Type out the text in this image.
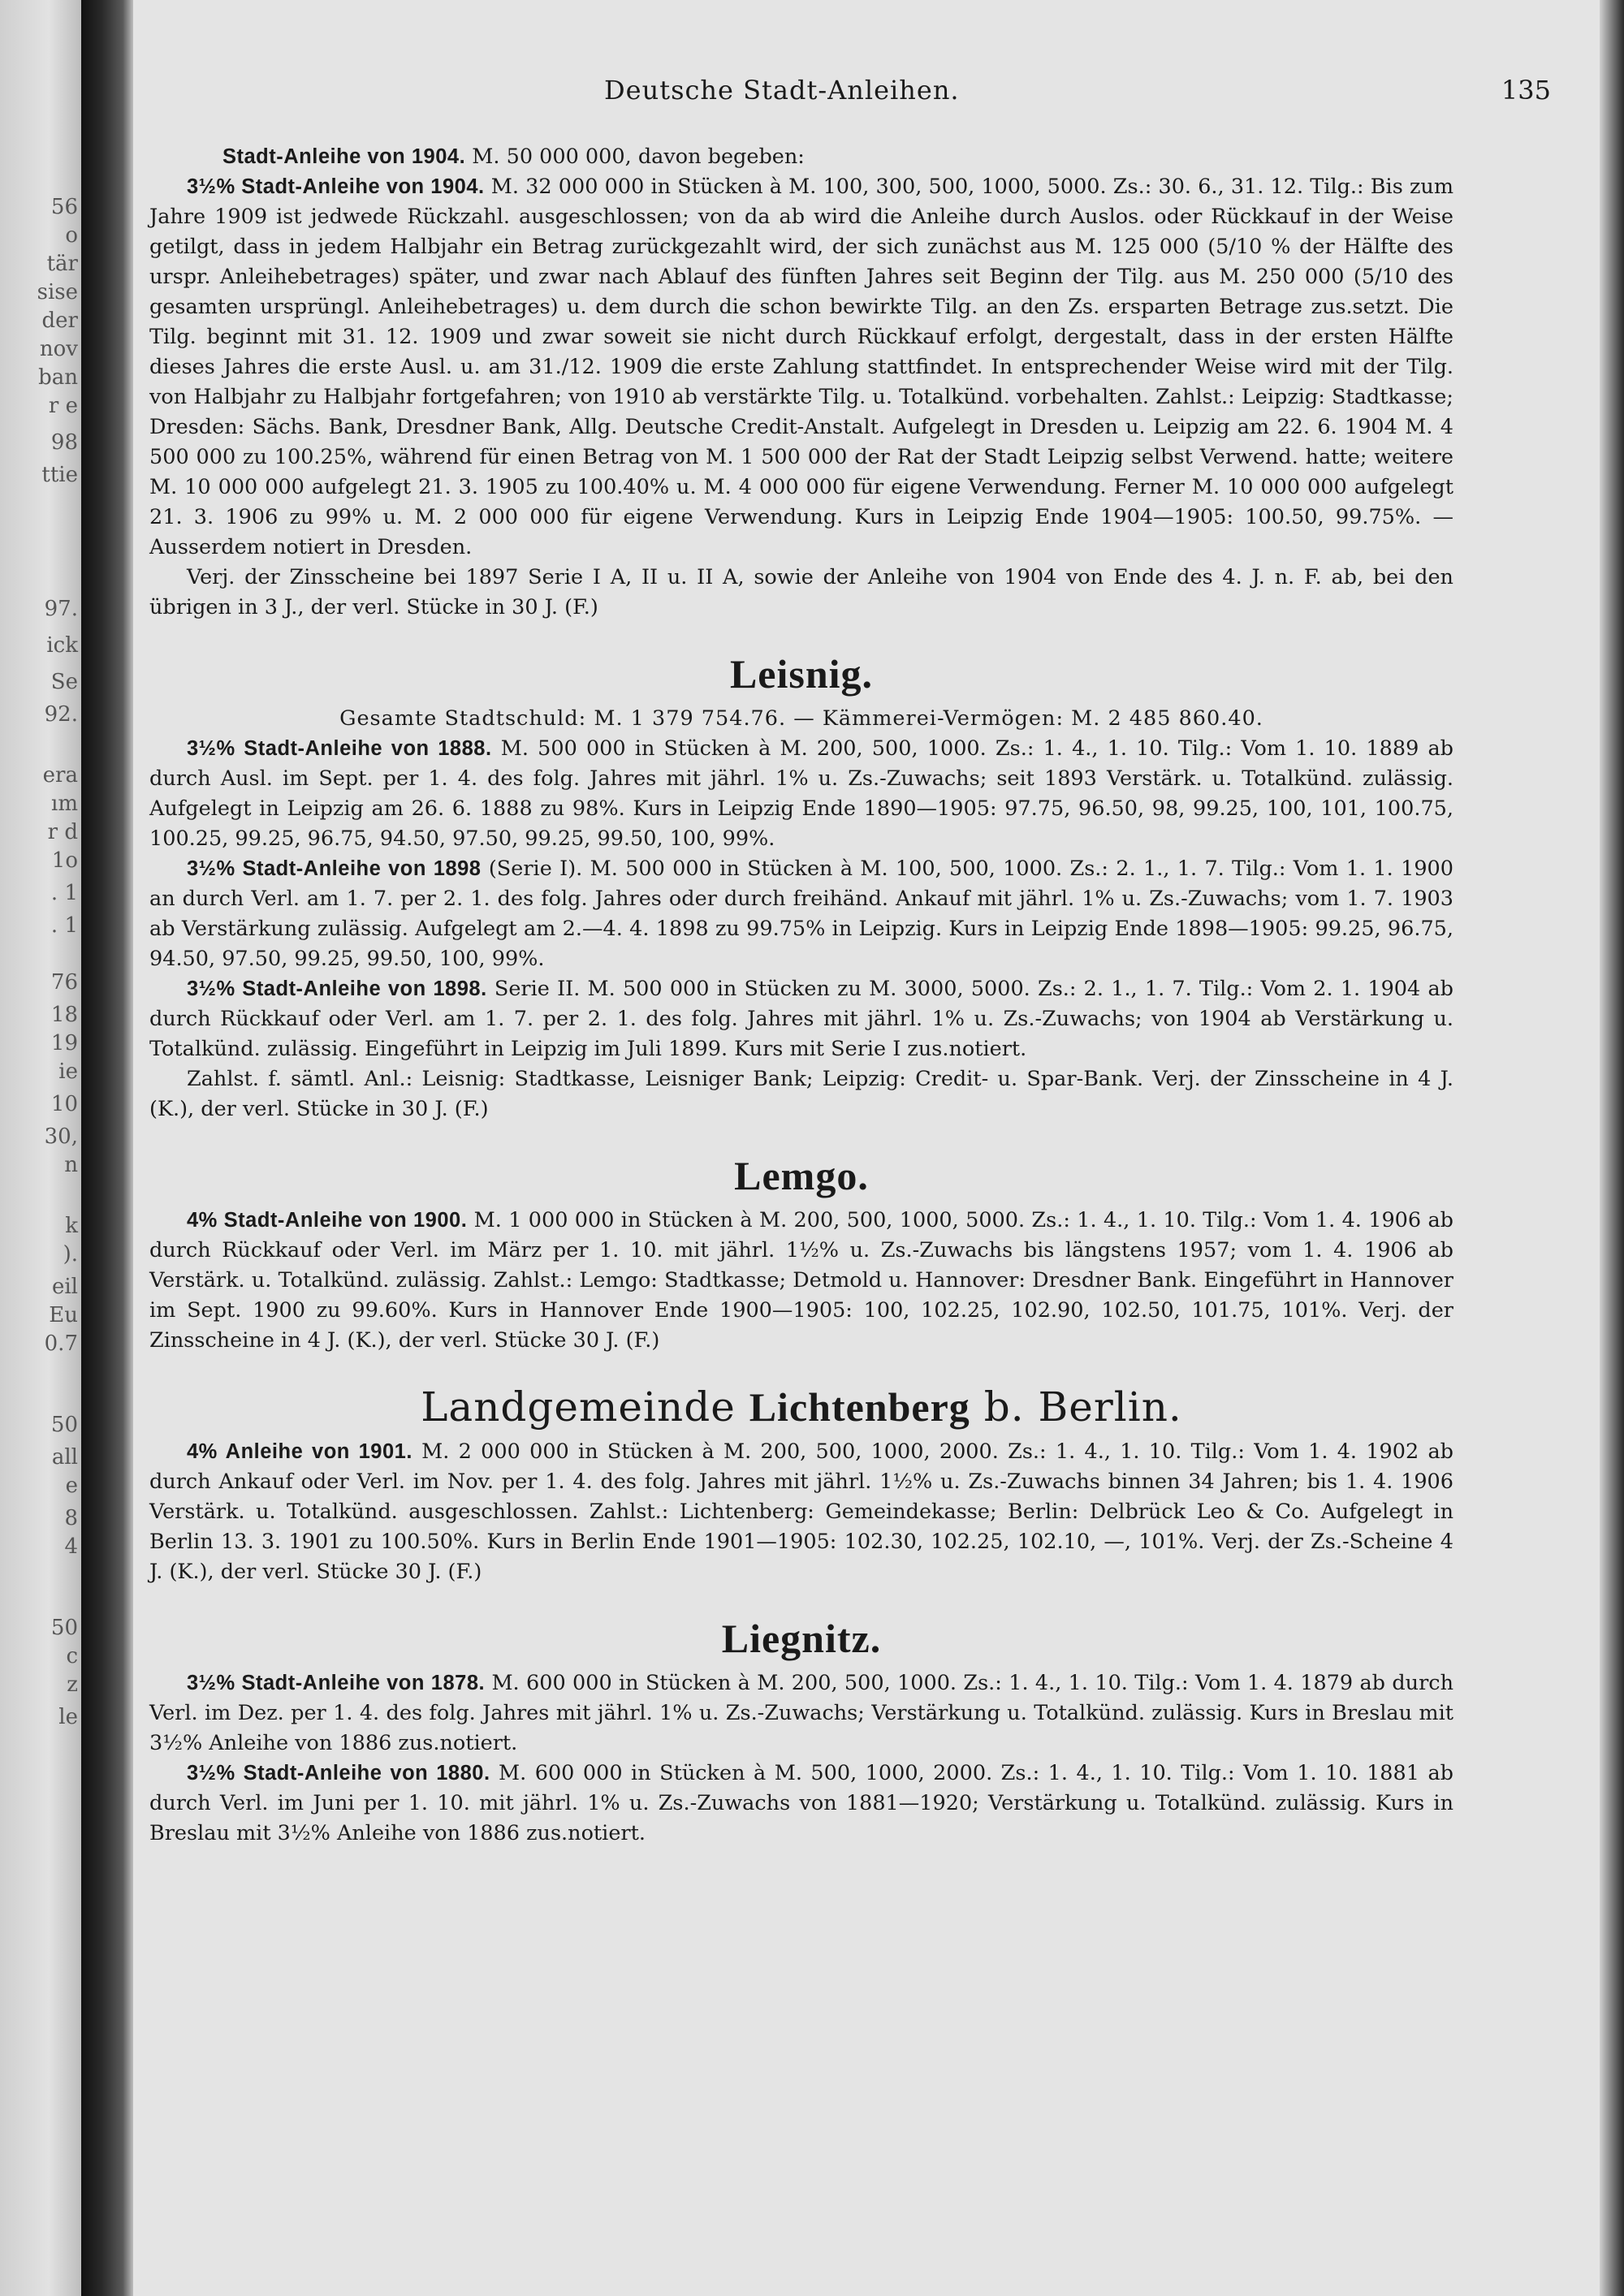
56
o
tär
sise
der
nov
ban
r e
98
ttie
97.
ick
Se
92.
era
ım
r d
1o
. 1
. 1
76
18
19
ie
10
30,
n
k
).
eil
Eu
0.7
50
all
e
8
4
50
c
z
le
Deutsche Stadt-Anleihen.	135

Stadt-Anleihe von 1904. M. 50 000 000, davon begeben:

3½% Stadt-Anleihe von 1904. M. 32 000 000 in Stücken à M. 100, 300, 500, 1000, 5000. Zs.: 30. 6., 31. 12. Tilg.: Bis zum Jahre 1909 ist jedwede Rückzahl. ausgeschlossen; von da ab wird die Anleihe durch Auslos. oder Rückkauf in der Weise getilgt, dass in jedem Halbjahr ein Betrag zurückgezahlt wird, der sich zunächst aus M. 125 000 (5/10 % der Hälfte des urspr. Anleihebetrages) später, und zwar nach Ablauf des fünften Jahres seit Beginn der Tilg. aus M. 250 000 (5/10 des gesamten ursprüngl. Anleihebetrages) u. dem durch die schon bewirkte Tilg. an den Zs. ersparten Betrage zus.setzt. Die Tilg. beginnt mit 31. 12. 1909 und zwar soweit sie nicht durch Rückkauf erfolgt, dergestalt, dass in der ersten Hälfte dieses Jahres die erste Ausl. u. am 31./12. 1909 die erste Zahlung stattfindet. In entsprechender Weise wird mit der Tilg. von Halbjahr zu Halbjahr fortgefahren; von 1910 ab verstärkte Tilg. u. Totalkünd. vorbehalten. Zahlst.: Leipzig: Stadtkasse; Dresden: Sächs. Bank, Dresdner Bank, Allg. Deutsche Credit-Anstalt. Aufgelegt in Dresden u. Leipzig am 22. 6. 1904 M. 4 500 000 zu 100.25%, während für einen Betrag von M. 1 500 000 der Rat der Stadt Leipzig selbst Verwend. hatte; weitere M. 10 000 000 aufgelegt 21. 3. 1905 zu 100.40% u. M. 4 000 000 für eigene Verwendung. Ferner M. 10 000 000 aufgelegt 21. 3. 1906 zu 99% u. M. 2 000 000 für eigene Verwendung. Kurs in Leipzig Ende 1904—1905: 100.50, 99.75%. — Ausserdem notiert in Dresden.

Verj. der Zinsscheine bei 1897 Serie I A, II u. II A, sowie der Anleihe von 1904 von Ende des 4. J. n. F. ab, bei den übrigen in 3 J., der verl. Stücke in 30 J. (F.)

Leisnig.

Gesamte Stadtschuld: M. 1 379 754.76. — Kämmerei-Vermögen: M. 2 485 860.40.

3½% Stadt-Anleihe von 1888. M. 500 000 in Stücken à M. 200, 500, 1000. Zs.: 1. 4., 1. 10. Tilg.: Vom 1. 10. 1889 ab durch Ausl. im Sept. per 1. 4. des folg. Jahres mit jährl. 1% u. Zs.-Zuwachs; seit 1893 Verstärk. u. Totalkünd. zulässig. Aufgelegt in Leipzig am 26. 6. 1888 zu 98%. Kurs in Leipzig Ende 1890—1905: 97.75, 96.50, 98, 99.25, 100, 101, 100.75, 100.25, 99.25, 96.75, 94.50, 97.50, 99.25, 99.50, 100, 99%.

3½% Stadt-Anleihe von 1898 (Serie I). M. 500 000 in Stücken à M. 100, 500, 1000. Zs.: 2. 1., 1. 7. Tilg.: Vom 1. 1. 1900 an durch Verl. am 1. 7. per 2. 1. des folg. Jahres oder durch freihänd. Ankauf mit jährl. 1% u. Zs.-Zuwachs; vom 1. 7. 1903 ab Verstärkung zulässig. Aufgelegt am 2.—4. 4. 1898 zu 99.75% in Leipzig. Kurs in Leipzig Ende 1898—1905: 99.25, 96.75, 94.50, 97.50, 99.25, 99.50, 100, 99%.

3½% Stadt-Anleihe von 1898. Serie II. M. 500 000 in Stücken zu M. 3000, 5000. Zs.: 2. 1., 1. 7. Tilg.: Vom 2. 1. 1904 ab durch Rückkauf oder Verl. am 1. 7. per 2. 1. des folg. Jahres mit jährl. 1% u. Zs.-Zuwachs; von 1904 ab Verstärkung u. Totalkünd. zulässig. Eingeführt in Leipzig im Juli 1899. Kurs mit Serie I zus.notiert.

Zahlst. f. sämtl. Anl.: Leisnig: Stadtkasse, Leisniger Bank; Leipzig: Credit- u. Spar-Bank. Verj. der Zinsscheine in 4 J. (K.), der verl. Stücke in 30 J. (F.)

Lemgo.

4% Stadt-Anleihe von 1900. M. 1 000 000 in Stücken à M. 200, 500, 1000, 5000. Zs.: 1. 4., 1. 10. Tilg.: Vom 1. 4. 1906 ab durch Rückkauf oder Verl. im März per 1. 10. mit jährl. 1½% u. Zs.-Zuwachs bis längstens 1957; vom 1. 4. 1906 ab Verstärk. u. Totalkünd. zulässig. Zahlst.: Lemgo: Stadtkasse; Detmold u. Hannover: Dresdner Bank. Eingeführt in Hannover im Sept. 1900 zu 99.60%. Kurs in Hannover Ende 1900—1905: 100, 102.25, 102.90, 102.50, 101.75, 101%. Verj. der Zinsscheine in 4 J. (K.), der verl. Stücke 30 J. (F.)

Landgemeinde Lichtenberg b. Berlin.

4% Anleihe von 1901. M. 2 000 000 in Stücken à M. 200, 500, 1000, 2000. Zs.: 1. 4., 1. 10. Tilg.: Vom 1. 4. 1902 ab durch Ankauf oder Verl. im Nov. per 1. 4. des folg. Jahres mit jährl. 1½% u. Zs.-Zuwachs binnen 34 Jahren; bis 1. 4. 1906 Verstärk. u. Totalkünd. ausgeschlossen. Zahlst.: Lichtenberg: Gemeindekasse; Berlin: Delbrück Leo & Co. Aufgelegt in Berlin 13. 3. 1901 zu 100.50%. Kurs in Berlin Ende 1901—1905: 102.30, 102.25, 102.10, —, 101%. Verj. der Zs.-Scheine 4 J. (K.), der verl. Stücke 30 J. (F.)

Liegnitz.

3½% Stadt-Anleihe von 1878. M. 600 000 in Stücken à M. 200, 500, 1000. Zs.: 1. 4., 1. 10. Tilg.: Vom 1. 4. 1879 ab durch Verl. im Dez. per 1. 4. des folg. Jahres mit jährl. 1% u. Zs.-Zuwachs; Verstärkung u. Totalkünd. zulässig. Kurs in Breslau mit 3½% Anleihe von 1886 zus.notiert.

3½% Stadt-Anleihe von 1880. M. 600 000 in Stücken à M. 500, 1000, 2000. Zs.: 1. 4., 1. 10. Tilg.: Vom 1. 10. 1881 ab durch Verl. im Juni per 1. 10. mit jährl. 1% u. Zs.-Zuwachs von 1881—1920; Verstärkung u. Totalkünd. zulässig. Kurs in Breslau mit 3½% Anleihe von 1886 zus.notiert.
